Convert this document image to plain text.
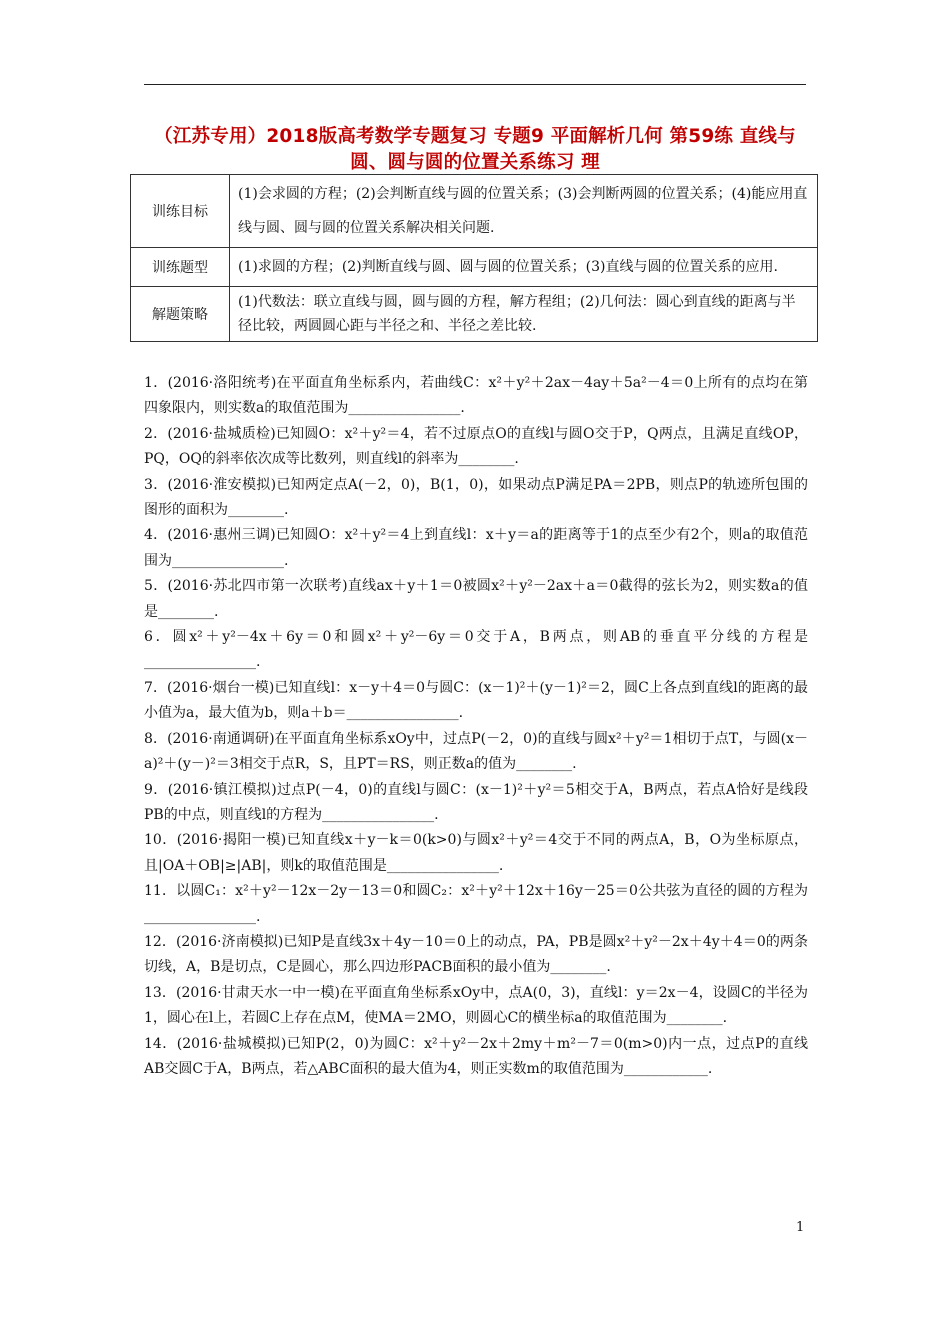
（江苏专用）2018版高考数学专题复习 专题9 平面解析几何 第59练 直线与圆、圆与圆的位置关系练习 理
训练目标	(1)会求圆的方程；(2)会判断直线与圆的位置关系；(3)会判断两圆的位置关系；(4)能应用直线与圆、圆与圆的位置关系解决相关问题.
训练题型	(1)求圆的方程；(2)判断直线与圆、圆与圆的位置关系；(3)直线与圆的位置关系的应用.
解题策略	(1)代数法：联立直线与圆，圆与圆的方程，解方程组；(2)几何法：圆心到直线的距离与半径比较，两圆圆心距与半径之和、半径之差比较.

1．(2016·洛阳统考)在平面直角坐标系内，若曲线C：x²＋y²＋2ax－4ay＋5a²－4＝0上所有的点均在第四象限内，则实数a的取值范围为________________.

2．(2016·盐城质检)已知圆O：x²＋y²＝4，若不过原点O的直线l与圆O交于P，Q两点，且满足直线OP，PQ，OQ的斜率依次成等比数列，则直线l的斜率为________.

3．(2016·淮安模拟)已知两定点A(－2，0)，B(1，0)，如果动点P满足PA＝2PB，则点P的轨迹所包围的图形的面积为________.

4．(2016·惠州三调)已知圆O：x²＋y²＝4上到直线l：x＋y＝a的距离等于1的点至少有2个，则a的取值范围为________________.

5．(2016·苏北四市第一次联考)直线ax＋y＋1＝0被圆x²＋y²－2ax＋a＝0截得的弦长为2，则实数a的值是________.

6．圆x²＋y²－4x＋6y＝0和圆x²＋y²－6y＝0交于A，B两点，则AB的垂直平分线的方程是________________.

7．(2016·烟台一模)已知直线l：x－y＋4＝0与圆C：(x－1)²＋(y－1)²＝2，圆C上各点到直线l的距离的最小值为a，最大值为b，则a＋b＝________________.

8．(2016·南通调研)在平面直角坐标系xOy中，过点P(－2，0)的直线与圆x²＋y²＝1相切于点T，与圆(x－a)²＋(y－)²＝3相交于点R，S，且PT＝RS，则正数a的值为________.

9．(2016·镇江模拟)过点P(－4，0)的直线l与圆C：(x－1)²＋y²＝5相交于A，B两点，若点A恰好是线段PB的中点，则直线l的方程为________________.

10．(2016·揭阳一模)已知直线x＋y－k＝0(k>0)与圆x²＋y²＝4交于不同的两点A，B，O为坐标原点，且|OA＋OB|≥|AB|，则k的取值范围是________________.

11．以圆C₁：x²＋y²－12x－2y－13＝0和圆C₂：x²＋y²＋12x＋16y－25＝0公共弦为直径的圆的方程为________________.

12．(2016·济南模拟)已知P是直线3x＋4y－10＝0上的动点，PA，PB是圆x²＋y²－2x＋4y＋4＝0的两条切线，A，B是切点，C是圆心，那么四边形PACB面积的最小值为________.

13．(2016·甘肃天水一中一模)在平面直角坐标系xOy中，点A(0，3)，直线l：y＝2x－4，设圆C的半径为1，圆心在l上，若圆C上存在点M，使MA＝2MO，则圆心C的横坐标a的取值范围为________.

14．(2016·盐城模拟)已知P(2，0)为圆C：x²＋y²－2x＋2my＋m²－7＝0(m>0)内一点，过点P的直线AB交圆C于A，B两点，若△ABC面积的最大值为4，则正实数m的取值范围为____________.

1
